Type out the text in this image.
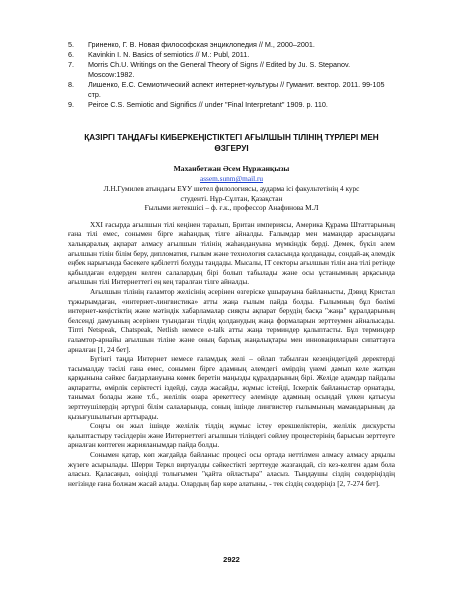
5. Гриненко, Г. В. Новая философская энциклопедия // М., 2000–2001.
6. Kavinkin I. N. Basics of semiotics // M.: Publ, 2011.
7. Morris Ch.U. Writings on the General Theory of Signs // Edited by Ju. S. Stepanov. Moscow:1982.
8. Лишенко, Е.С. Семиотический аспект интернет-культуры // Гуманит. вектор. 2011. 99-105 стр.
9. Peirce C.S. Semiotic and Significs // under "Final Interpretant" 1909. p. 110.
ҚАЗІРГІ ТАҢДАҒЫ КИБЕРКЕҢІСТІКТЕГІ АҒЫЛШЫН ТІЛІНІҢ ТҮРЛЕРІ МЕН ӨЗГЕРУІ
Маханбетжан Әсем Нұржанқызы
assem.sunm@mail.ru
Л.Н.Гумилев атындағы ЕҰУ шетел филологиясы, аударма ісі факультетінің 4 курс
студенті. Нұр-Сұлтан, Қазақстан
Ғылыми жетекшісі – ф. ғ.к., профессор Анафинова М.Л

XXI ғасырда ағылшын тілі кеңінен таралып, Британ империясы, Америка Құрама Штаттарының ғана тілі емес, сонымен бірге жаһандық тілге айналды. Ғалымдар мен мамандар арасындағы халықаралық ақпарат алмасу ағылшын тілінің жаһандануына мүмкіндік берді. Демек, бүкіл әлем ағылшын тілін білім беру, дипломатия, ғылым және технология саласында қолданады, сондай-ақ әлемдік еңбек нарығында бәсекеге қабілетті болуды таңдады. Мысалы, IT секторы ағылшын тілін ана тілі ретінде қабылдаған елдерден келген салалардың бірі болып табылады және осы ұстанымның арқасында ағылшын тілі Интернеттегі ең кең таралған тілге айналды.

Ағылшын тілінің ғаламтор желісінің әсерінен өзгеріске ұшырауына байланысты, Дэвид Кристал тұжырымдаған, «интернет-лингвистика» атты жаңа ғылым пайда болды. Ғылымның бұл бөлімі интернет-кеңістіктің және мәтіндік хабарламалар сияқты ақпарат берудің басқа "жаңа" құралдарының белсенді дамуының әсерінен туындаған тілдің қолданудың жаңа формаларын зерттеумен айналысады. Тіпті Netspeak, Chatspeak, Netlish немесе e-talk атты жаңа терминдер қалыптасты. Бұл терминдер ғаламтор-арнайы ағылшын тіліне және оның барлық жаңалықтары мен инновацияларын сипаттауға арналған [1, 24 бет].

Бүгінгі таңда Интернет немесе ғаламдық желі – ойлап табылған кезеңіндегідей деректерді тасымалдау тәсілі ғана емес, сонымен бірге адамның әлемдегі өмірдің үнемі дамып келе жатқан қарқынына сәйкес бағдарлануына көмек беретін маңызды құралдарының бірі. Желіде адамдар пайдалы ақпаратты, өмірлік серіктесті іздейді, сауда жасайды, жұмыс істейді, Іскерлік байланыстар орнатады, танымал болады және т.б., желілік өзара әрекеттесу әлемінде адамның осындай үлкен қатысуы зерттеушілердің әртүрлі білім салаларында, соның ішінде лингвистер ғылымының мамандарының да қызығушылығын арттырады.

Соңғы он жыл ішінде желілік тілдің жұмыс істеу ерекшеліктерін, желілік дискурсты қалыптастыру тәсілдерін және Интернеттегі ағылшын тіліндегі сөйлеу процестерінің барысын зерттеуге арналған көптеген жарияланымдар пайда болды.

Сонымен қатар, көп жағдайда байланыс процесі осы ортада неттілмен алмасу алмасу арқылы жүзеге асырылады. Шерри Теркл виртуалды сәйкестікті зерттеуде жазғандай, сіз кез-келген адам бола аласыз. Қаласаңыз, өзіңізді толығымен "қайта ойластыра" аласыз. Тыңдаушы сіздің сөздеріңіздің негізінде ғана болжам жасай алады. Олардың бар көре алатыны, - тек сіздің сөздеріңіз [2, 7-274 бет].

2922
